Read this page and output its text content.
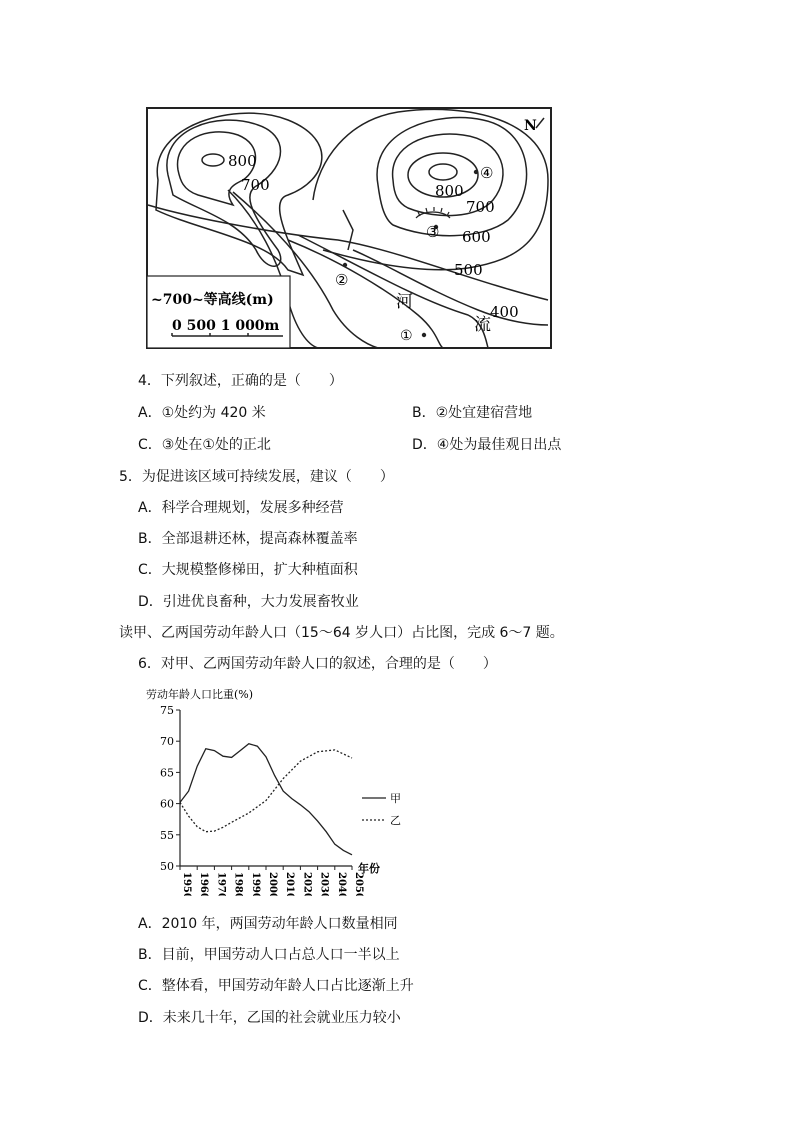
N
800
700	800
700
600
500
400
①
②
③
④
河
流
~700~等高线(m)
0 500 1 000m
4．下列叙述，正确的是（　　）
A．①处约为 420 米	B．②处宜建宿营地
C．③处在①处的正北	D．④处为最佳观日出点
5．为促进该区域可持续发展，建议（　　）
A．科学合理规划，发展多种经营
B．全部退耕还林，提高森林覆盖率
C．大规模整修梯田，扩大种植面积
D．引进优良畜种，大力发展畜牧业
读甲、乙两国劳动年龄人口（15～64 岁人口）占比图，完成 6～7 题。
6．对甲、乙两国劳动年龄人口的叙述，合理的是（　　）
劳动年龄人口比重(%)
50
55
60
65
70
75
1950 1960 1970 1980 1990 2000 2010 2020 2030 2040 2050
甲
乙
年份
A．2010 年，两国劳动年龄人口数量相同
B．目前，甲国劳动人口占总人口一半以上
C．整体看，甲国劳动年龄人口占比逐渐上升
D．未来几十年，乙国的社会就业压力较小
